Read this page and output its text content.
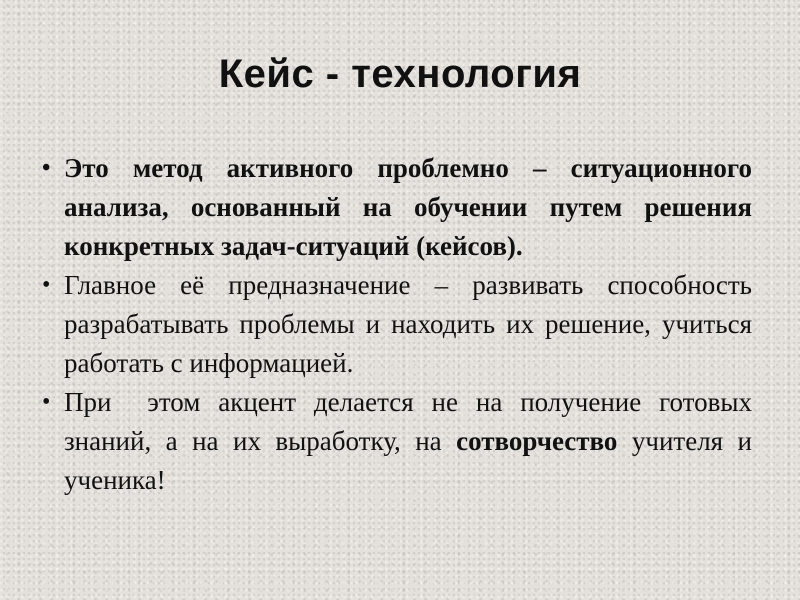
Кейс - технология
• Это метод активного проблемно – ситуационного анализа, основанный на обучении путем решения конкретных задач-ситуаций (кейсов).
• Главное её предназначение – развивать способность разрабатывать проблемы и находить их решение, учиться работать с информацией.
• При  этом акцент делается не на получение готовых знаний, а на их выработку, на сотворчество учителя и ученика!
